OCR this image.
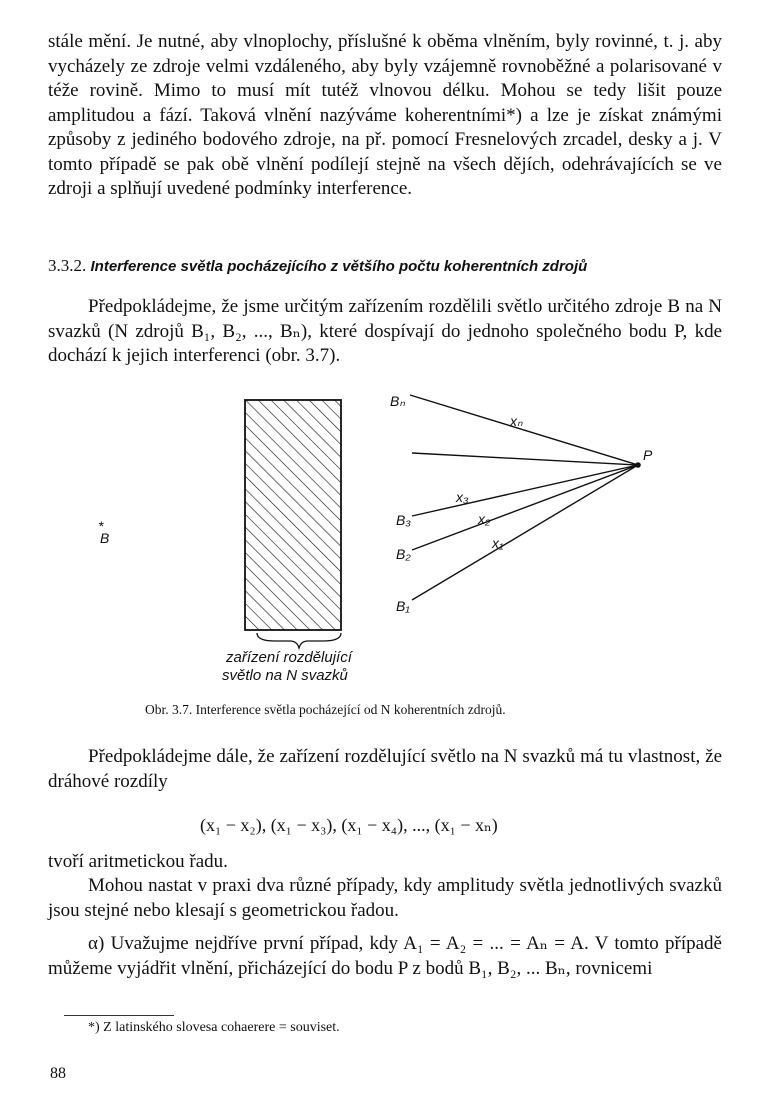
stále mění. Je nutné, aby vlnoplochy, příslušné k oběma vlněním, byly rovinné, t. j. aby vycházely ze zdroje velmi vzdáleného, aby byly vzájemně rovnoběžné a polarisované v téže rovině. Mimo to musí mít tutéž vlnovou délku. Mohou se tedy lišit pouze amplitudou a fází. Taková vlnění nazýváme koherentními*) a lze je získat známými způsoby z jediného bodového zdroje, na př. pomocí Fresnelových zrcadel, desky a j. V tomto případě se pak obě vlnění podílejí stejně na všech dějích, odehrávajících se ve zdroji a splňují uvedené podmínky interference.

3.3.2. Interference světla pocházejícího z většího počtu koherentních zdrojů

Předpokládejme, že jsme určitým zařízením rozdělili světlo určitého zdroje B na N svazků (N zdrojů B₁, B₂, ..., Bₙ), které dospívají do jednoho společného bodu P, kde dochází k jejich interferenci (obr. 3.7).

*
B
Bₙ
B₃
B₂
B₁
P
xₙ
x₃
x₂
x₁
zařízení rozdělující
světlo na N svazků

Obr. 3.7. Interference světla pocházející od N koherentních zdrojů.

Předpokládejme dále, že zařízení rozdělující světlo na N svazků má tu vlastnost, že dráhové rozdíly

(x₁ − x₂), (x₁ − x₃), (x₁ − x₄), ..., (x₁ − xₙ)

tvoří aritmetickou řadu.

Mohou nastat v praxi dva různé případy, kdy amplitudy světla jednotlivých svazků jsou stejné nebo klesají s geometrickou řadou.

α) Uvažujme nejdříve první případ, kdy A₁ = A₂ = ... = Aₙ = A. V tomto případě můžeme vyjádřit vlnění, přicházející do bodu P z bodů B₁, B₂, ... Bₙ, rovnicemi

*) Z latinského slovesa cohaerere = souviset.

88
